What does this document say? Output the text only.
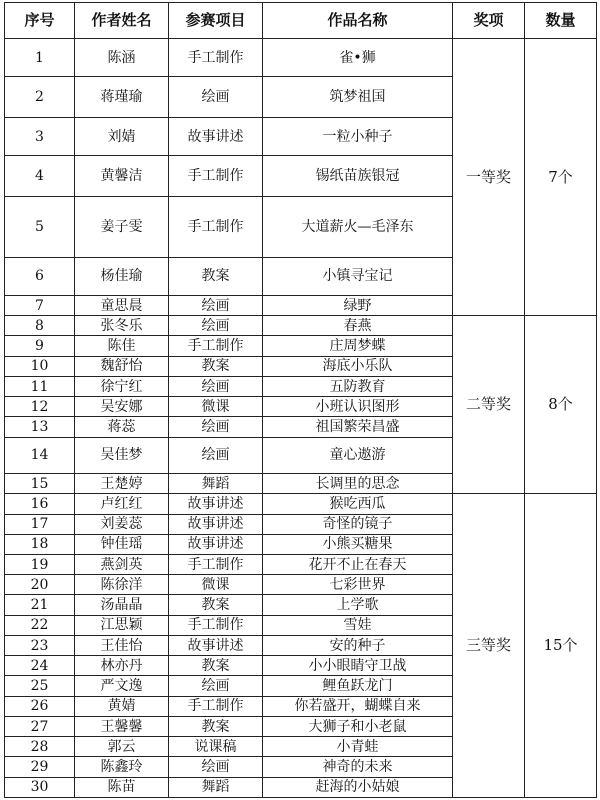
序号	作者姓名	参赛项目	作品名称	奖项	数量
1	陈涵	手工制作	雀•狮	一等奖	7个
2	蒋瑾瑜	绘画	筑梦祖国		
3	刘婧	故事讲述	一粒小种子		
4	黄馨洁	手工制作	锡纸苗族银冠		
5	姜子雯	手工制作	大道薪火—毛泽东		
6	杨佳瑜	教案	小镇寻宝记		
7	童思晨	绘画	绿野		
8	张冬乐	绘画	春燕	二等奖	8个
9	陈佳	手工制作	庄周梦蝶		
10	魏舒怡	教案	海底小乐队		
11	徐宁红	绘画	五防教育		
12	吴安娜	微课	小班认识图形		
13	蒋蕊	绘画	祖国繁荣昌盛		
14	吴佳梦	绘画	童心遨游		
15	王楚婷	舞蹈	长调里的思念		
16	卢红红	故事讲述	猴吃西瓜	三等奖	15个
17	刘姜蕊	故事讲述	奇怪的镜子		
18	钟佳瑶	故事讲述	小熊买糖果		
19	燕剑英	手工制作	花开不止在春天		
20	陈徐洋	微课	七彩世界		
21	汤晶晶	教案	上学歌		
22	江思颖	手工制作	雪娃		
23	王佳怡	故事讲述	安的种子		
24	林亦丹	教案	小小眼睛守卫战		
25	严文逸	绘画	鲤鱼跃龙门		
26	黄婧	手工制作	你若盛开，蝴蝶自来		
27	王馨馨	教案	大狮子和小老鼠		
28	郭云	说课稿	小青蛙		
29	陈鑫玲	绘画	神奇的未来		
30	陈苗	舞蹈	赶海的小姑娘		
